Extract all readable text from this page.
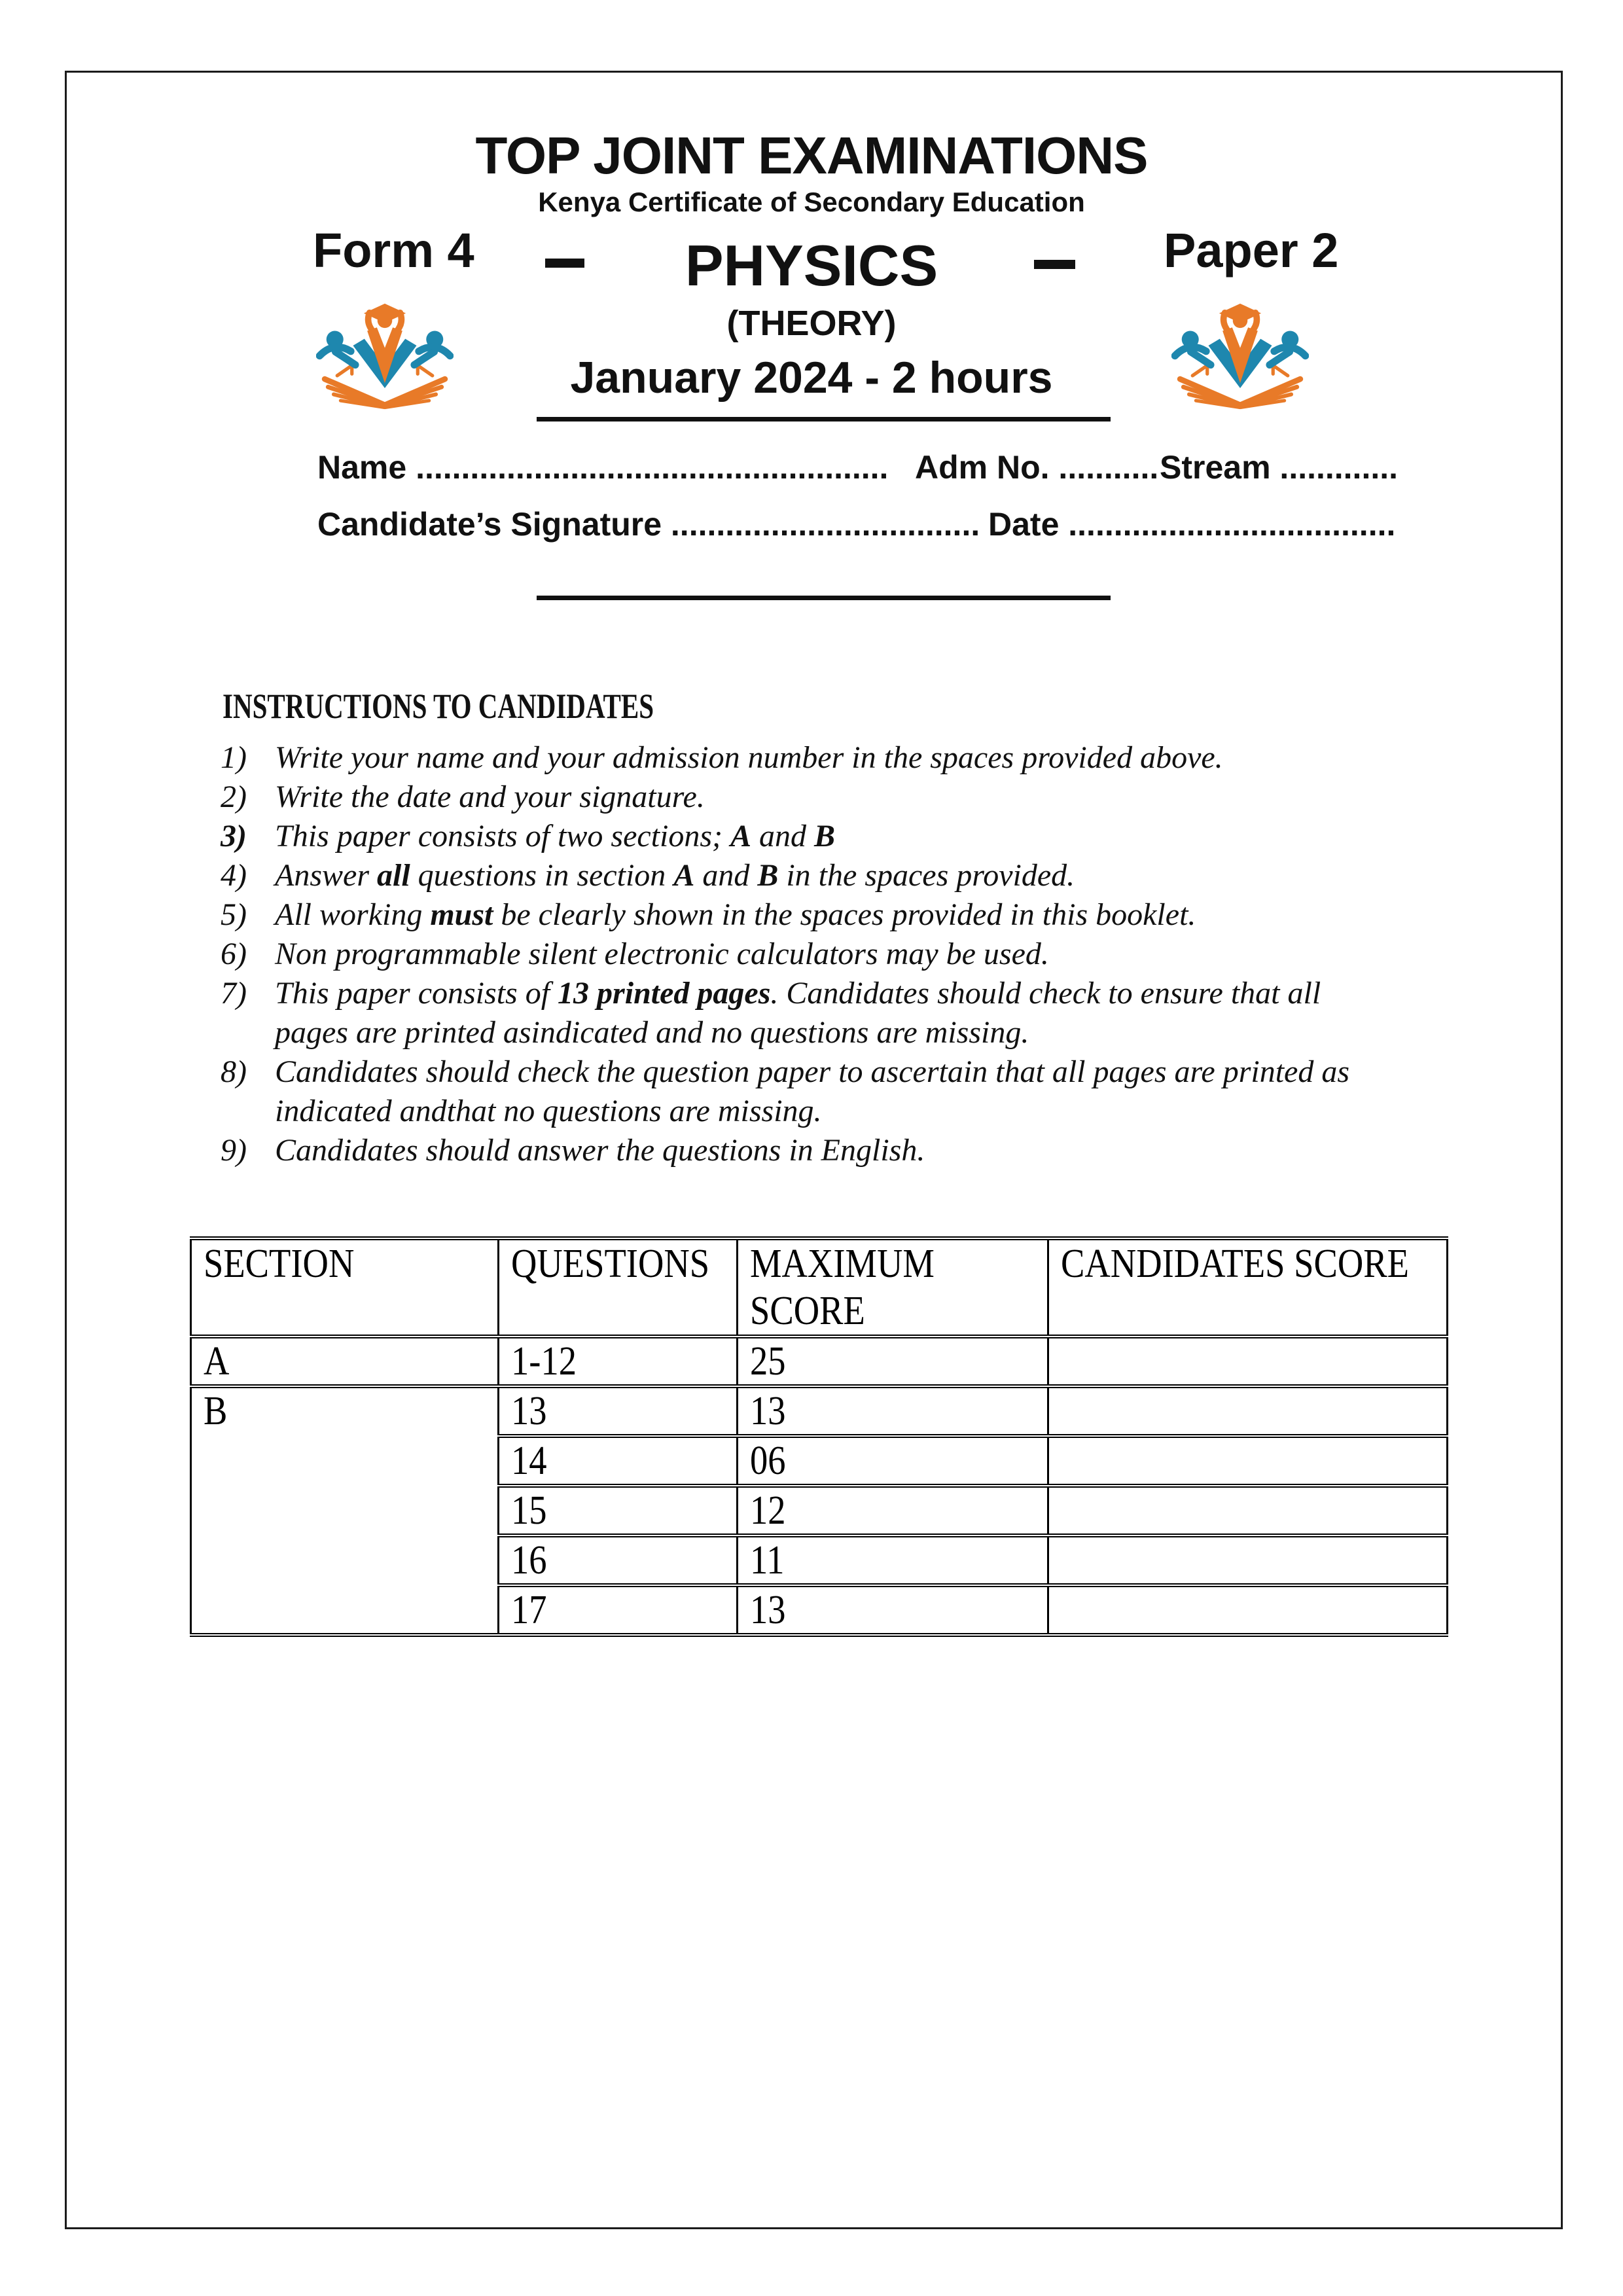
TOP JOINT EXAMINATIONS
Kenya Certificate of Secondary Education
Form 4	PHYSICS	Paper 2
(THEORY)
January 2024 - 2 hours
Name .................................................... Adm No. ........... Stream .............
Candidate’s Signature .................................. Date ....................................
INSTRUCTIONS TO CANDIDATES
1) Write your name and your admission number in the spaces provided above.
2) Write the date and your signature.
3) This paper consists of two sections; A and B
4) Answer all questions in section A and B in the spaces provided.
5) All working must be clearly shown in the spaces provided in this booklet.
6) Non programmable silent electronic calculators may be used.
7) This paper consists of 13 printed pages. Candidates should check to ensure that all
pages are printed asindicated and no questions are missing.
8) Candidates should check the question paper to ascertain that all pages are printed as
indicated andthat no questions are missing.
9) Candidates should answer the questions in English.
SECTION	QUESTIONS	MAXIMUM SCORE	CANDIDATES SCORE
A	1-12	25	
B	13	13	
	14	06	
	15	12	
	16	11	
	17	13	
